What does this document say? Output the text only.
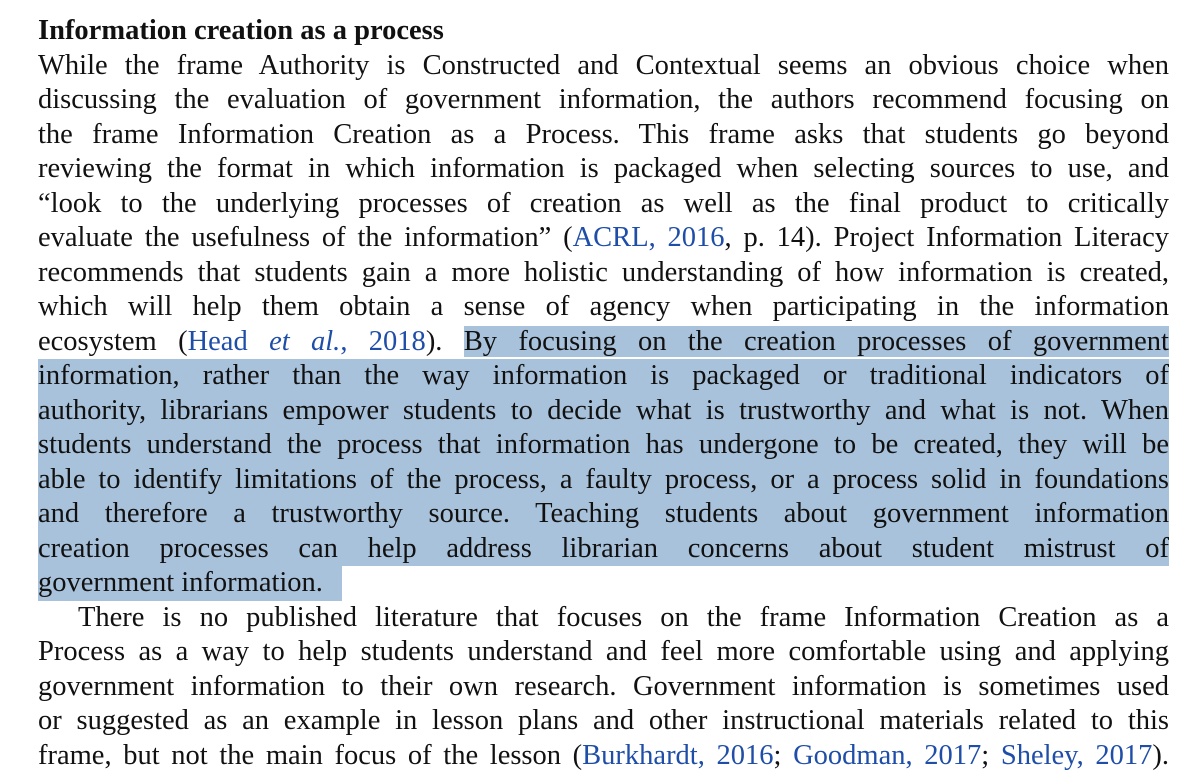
Information creation as a process
While the frame Authority is Constructed and Contextual seems an obvious choice when
discussing the evaluation of government information, the authors recommend focusing on
the frame Information Creation as a Process. This frame asks that students go beyond
reviewing the format in which information is packaged when selecting sources to use, and
“look to the underlying processes of creation as well as the final product to critically
evaluate the usefulness of the information” (ACRL, 2016, p. 14). Project Information Literacy
recommends that students gain a more holistic understanding of how information is created,
which will help them obtain a sense of agency when participating in the information
ecosystem (Head et al., 2018). By focusing on the creation processes of government
information, rather than the way information is packaged or traditional indicators of
authority, librarians empower students to decide what is trustworthy and what is not. When
students understand the process that information has undergone to be created, they will be
able to identify limitations of the process, a faulty process, or a process solid in foundations
and therefore a trustworthy source. Teaching students about government information
creation processes can help address librarian concerns about student mistrust of
government information.
There is no published literature that focuses on the frame Information Creation as a
Process as a way to help students understand and feel more comfortable using and applying
government information to their own research. Government information is sometimes used
or suggested as an example in lesson plans and other instructional materials related to this
frame, but not the main focus of the lesson (Burkhardt, 2016; Goodman, 2017; Sheley, 2017).
